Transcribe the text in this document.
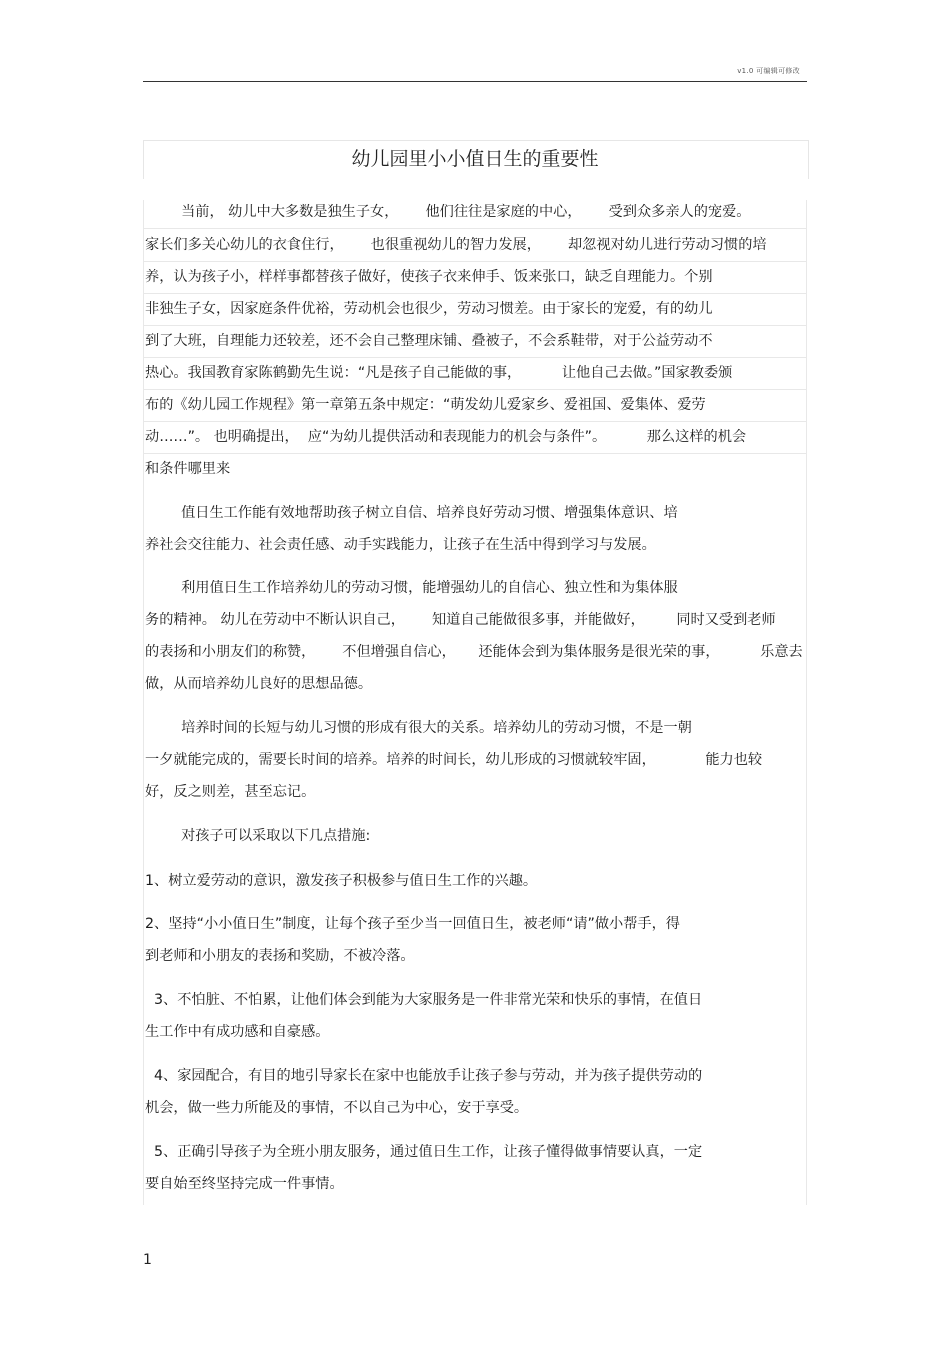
v1.0 可编辑可修改
幼儿园里小小值日生的重要性
当前， 幼儿中大多数是独生子女，      他们往往是家庭的中心，      受到众多亲人的宠爱。
家长们多关心幼儿的衣食住行，      也很重视幼儿的智力发展，      却忽视对幼儿进行劳动习惯的培
养，认为孩子小，样样事都替孩子做好，使孩子衣来伸手、饭来张口，缺乏自理能力。个别
非独生子女，因家庭条件优裕，劳动机会也很少，劳动习惯差。由于家长的宠爱，有的幼儿
到了大班，自理能力还较差，还不会自己整理床铺、叠被子，不会系鞋带，对于公益劳动不
热心。我国教育家陈鹤勤先生说：“凡是孩子自己能做的事，         让他自己去做。”国家教委颁
布的《幼儿园工作规程》第一章第五条中规定：“萌发幼儿爱家乡、爱祖国、爱集体、爱劳
动……”。 也明确提出，  应“为幼儿提供活动和表现能力的机会与条件”。         那么这样的机会
和条件哪里来
值日生工作能有效地帮助孩子树立自信、培养良好劳动习惯、增强集体意识、培
养社会交往能力、社会责任感、动手实践能力，让孩子在生活中得到学习与发展。
利用值日生工作培养幼儿的劳动习惯，能增强幼儿的自信心、独立性和为集体服
务的精神。 幼儿在劳动中不断认识自己，      知道自己能做很多事，并能做好，       同时又受到老师
的表扬和小朋友们的称赞，      不但增强自信心，     还能体会到为集体服务是很光荣的事，         乐意去
做，从而培养幼儿良好的思想品德。
培养时间的长短与幼儿习惯的形成有很大的关系。培养幼儿的劳动习惯，不是一朝
一夕就能完成的，需要长时间的培养。培养的时间长，幼儿形成的习惯就较牢固，           能力也较
好，反之则差，甚至忘记。
对孩子可以采取以下几点措施:
1、树立爱劳动的意识，激发孩子积极参与值日生工作的兴趣。
2、坚持“小小值日生”制度，让每个孩子至少当一回值日生，被老师“请”做小帮手，得
到老师和小朋友的表扬和奖励，不被冷落。
3、不怕脏、不怕累，让他们体会到能为大家服务是一件非常光荣和快乐的事情，在值日
生工作中有成功感和自豪感。
4、家园配合，有目的地引导家长在家中也能放手让孩子参与劳动，并为孩子提供劳动的
机会，做一些力所能及的事情，不以自己为中心，安于享受。
5、正确引导孩子为全班小朋友服务，通过值日生工作，让孩子懂得做事情要认真，一定
要自始至终坚持完成一件事情。
1
